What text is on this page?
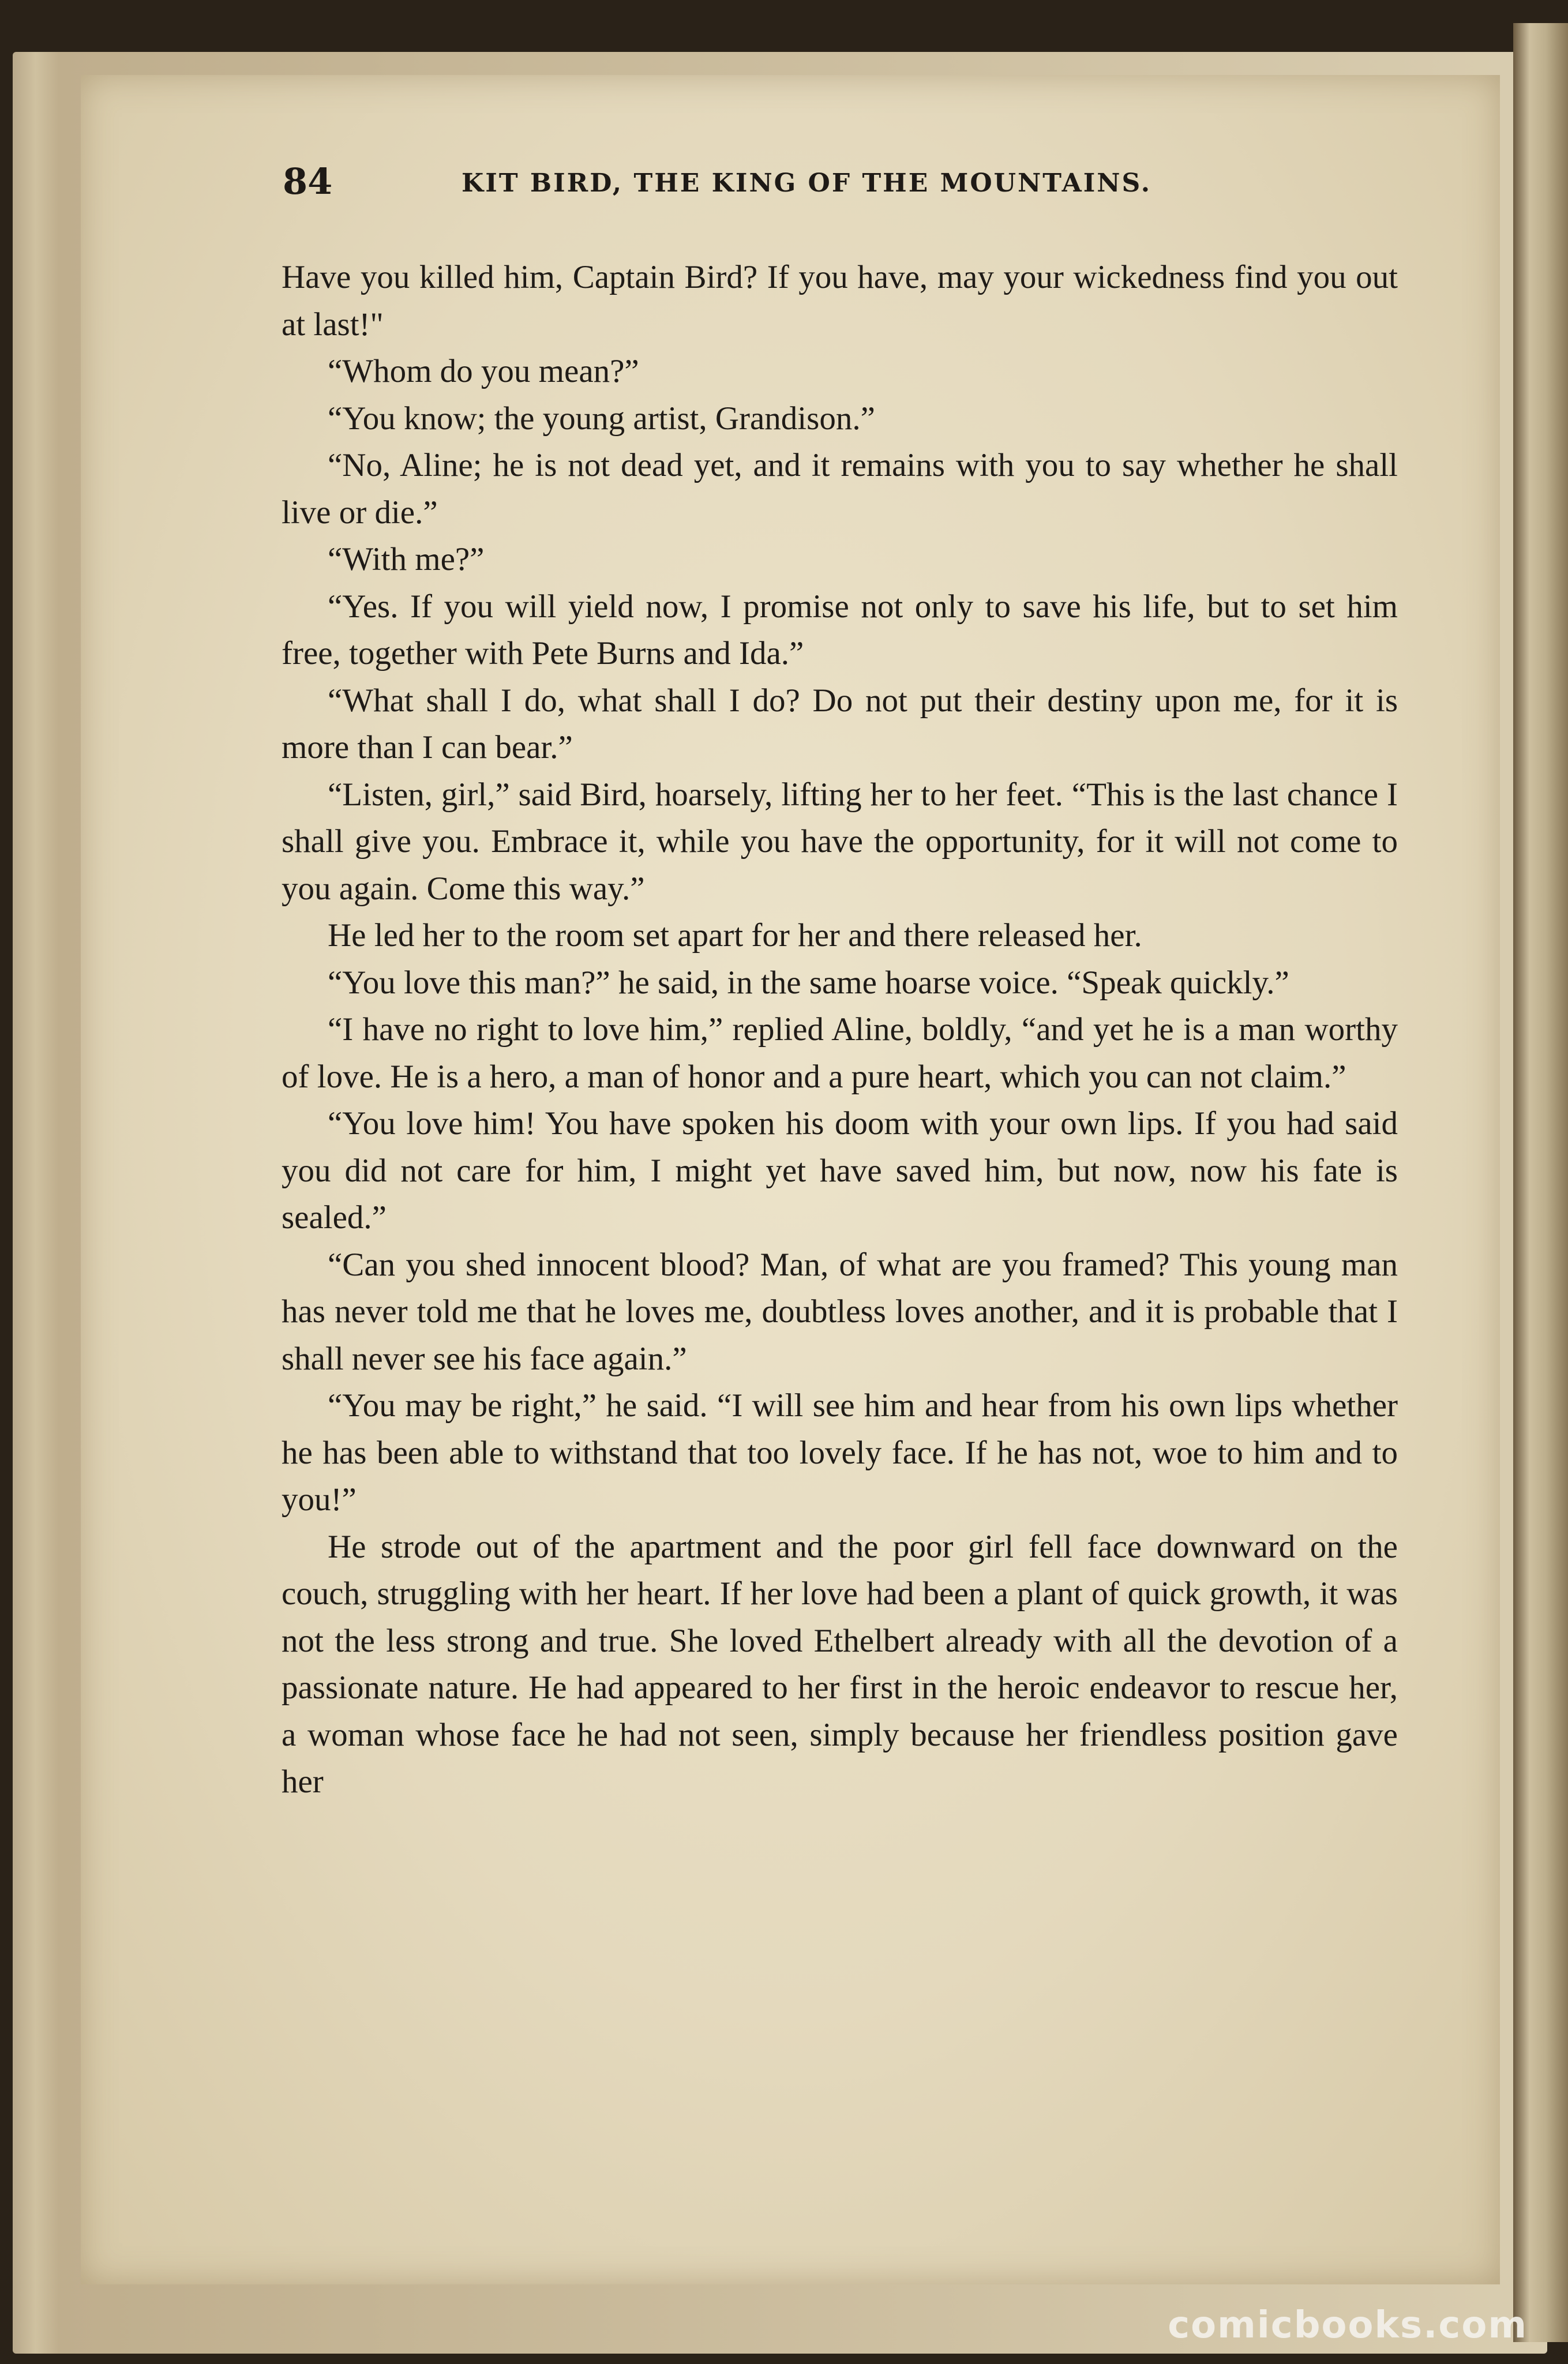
84	KIT BIRD, THE KING OF THE MOUNTAINS.

Have you killed him, Captain Bird? If you have, may your wickedness find you out at last!"

“Whom do you mean?”

“You know; the young artist, Grandison.”

“No, Aline; he is not dead yet, and it remains with you to say whether he shall live or die.”

“With me?”

“Yes. If you will yield now, I promise not only to save his life, but to set him free, together with Pete Burns and Ida.”

“What shall I do, what shall I do? Do not put their destiny upon me, for it is more than I can bear.”

“Listen, girl,” said Bird, hoarsely, lifting her to her feet. “This is the last chance I shall give you. Embrace it, while you have the opportunity, for it will not come to you again. Come this way.”

He led her to the room set apart for her and there released her.

“You love this man?” he said, in the same hoarse voice. “Speak quickly.”

“I have no right to love him,” replied Aline, boldly, “and yet he is a man worthy of love. He is a hero, a man of honor and a pure heart, which you can not claim.”

“You love him! You have spoken his doom with your own lips. If you had said you did not care for him, I might yet have saved him, but now, now his fate is sealed.”

“Can you shed innocent blood? Man, of what are you framed? This young man has never told me that he loves me, doubtless loves another, and it is probable that I shall never see his face again.”

“You may be right,” he said. “I will see him and hear from his own lips whether he has been able to withstand that too lovely face. If he has not, woe to him and to you!”

He strode out of the apartment and the poor girl fell face downward on the couch, struggling with her heart. If her love had been a plant of quick growth, it was not the less strong and true. She loved Ethelbert already with all the devotion of a passionate nature. He had appeared to her first in the heroic endeavor to rescue her, a woman whose face he had not seen, simply because her friendless position gave her

comicbooks.com
